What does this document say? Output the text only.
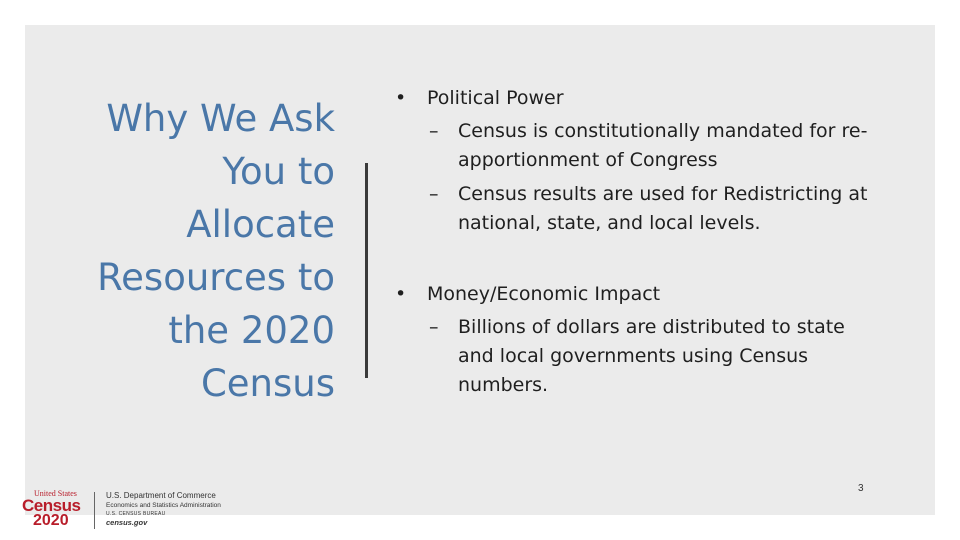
Why We Ask
You to
Allocate
Resources to
the 2020
Census
• Political Power
– Census is constitutionally mandated for re-
apportionment of Congress
– Census results are used for Redistricting at
national, state, and local levels.
• Money/Economic Impact
– Billions of dollars are distributed to state
and local governments using Census
numbers.
3
United States
Census
2020
U.S. Department of Commerce
Economics and Statistics Administration
U.S. CENSUS BUREAU
census.gov
